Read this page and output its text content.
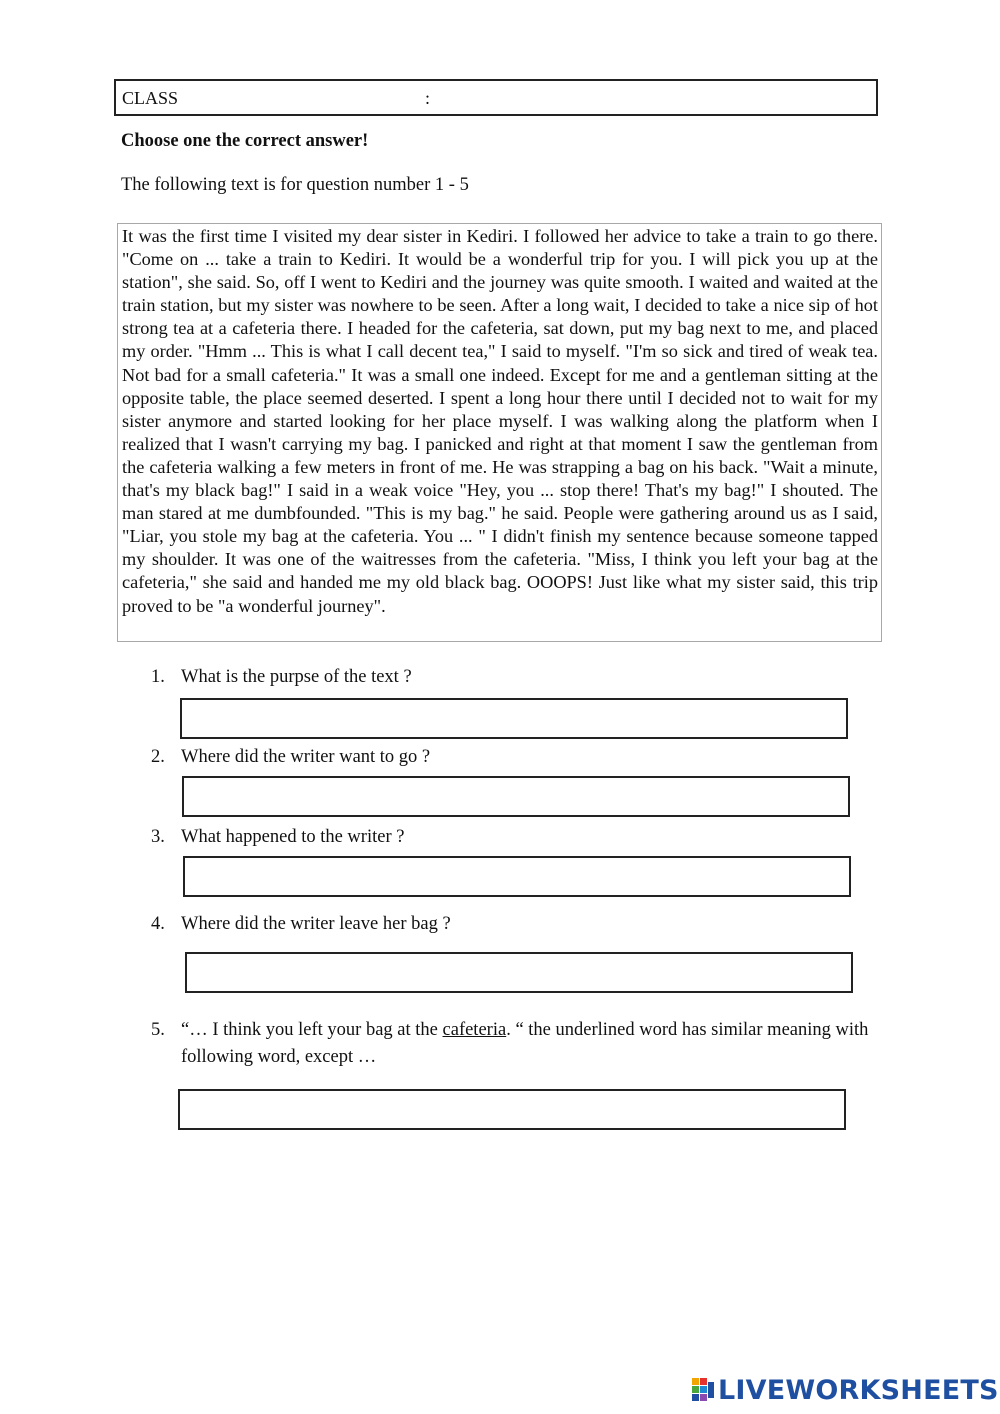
CLASS	:
Choose one the correct answer!
The following text is for question number 1 - 5
It was the first time I visited my dear sister in Kediri. I followed her advice to take a train to go there. "Come on ... take a train to Kediri. It would be a wonderful trip for you. I will pick you up at the station", she said. So, off I went to Kediri and the journey was quite smooth. I waited and waited at the train station, but my sister was nowhere to be seen. After a long wait, I decided to take a nice sip of hot strong tea at a cafeteria there. I headed for the cafeteria, sat down, put my bag next to me, and placed my order. "Hmm ... This is what I call decent tea," I said to myself. "I'm so sick and tired of weak tea. Not bad for a small cafeteria." It was a small one indeed. Except for me and a gentleman sitting at the opposite table, the place seemed deserted. I spent a long hour there until I decided not to wait for my sister anymore and started looking for her place myself. I was walking along the platform when I realized that I wasn't carrying my bag. I panicked and right at that moment I saw the gentleman from the cafeteria walking a few meters in front of me. He was strapping a bag on his back. "Wait a minute, that's my black bag!" I said in a weak voice "Hey, you ... stop there! That's my bag!" I shouted. The man stared at me dumbfounded. "This is my bag." he said. People were gathering around us as I said, "Liar, you stole my bag at the cafeteria. You ... " I didn't finish my sentence because someone tapped my shoulder. It was one of the waitresses from the cafeteria. "Miss, I think you left your bag at the cafeteria," she said and handed me my old black bag. OOOPS! Just like what my sister said, this trip proved to be "a wonderful journey".
1. What is the purpse of the text ?
2. Where did the writer want to go ?
3. What happened to the writer ?
4. Where did the writer leave her bag ?
5. “… I think you left your bag at the cafeteria. “ the underlined word has similar meaning with following word, except …
LIVEWORKSHEETS
